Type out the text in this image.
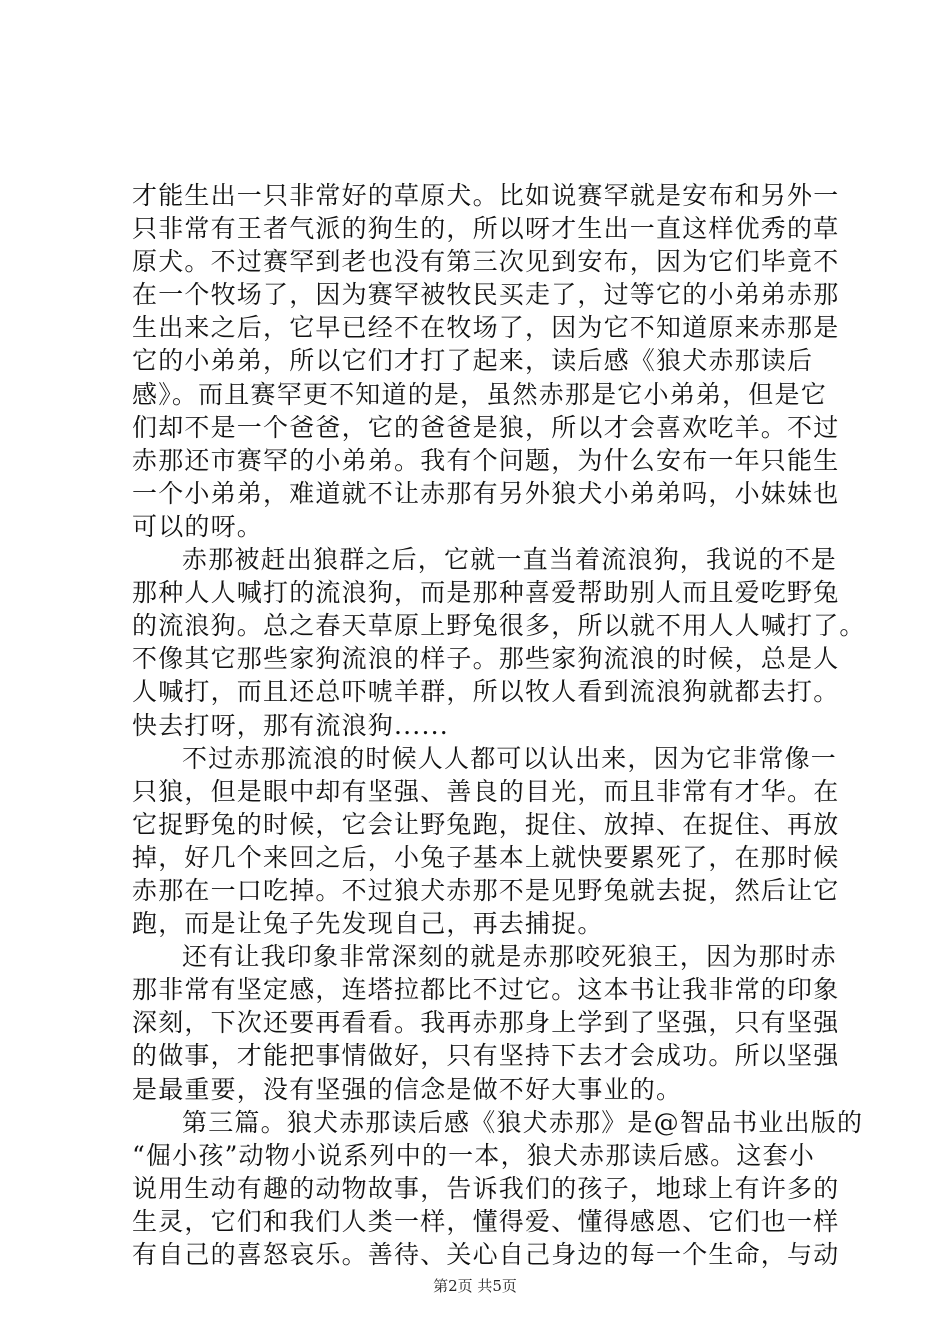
才能生出一只非常好的草原犬。比如说赛罕就是安布和另外一
只非常有王者气派的狗生的，所以呀才生出一直这样优秀的草
原犬。不过赛罕到老也没有第三次见到安布，因为它们毕竟不
在一个牧场了，因为赛罕被牧民买走了，过等它的小弟弟赤那
生出来之后，它早已经不在牧场了，因为它不知道原来赤那是
它的小弟弟，所以它们才打了起来，读后感《狼犬赤那读后
感》。而且赛罕更不知道的是，虽然赤那是它小弟弟，但是它
们却不是一个爸爸，它的爸爸是狼，所以才会喜欢吃羊。不过
赤那还市赛罕的小弟弟。我有个问题，为什么安布一年只能生
一个小弟弟，难道就不让赤那有另外狼犬小弟弟吗，小妹妹也
可以的呀。
赤那被赶出狼群之后，它就一直当着流浪狗，我说的不是
那种人人喊打的流浪狗，而是那种喜爱帮助别人而且爱吃野兔
的流浪狗。总之春天草原上野兔很多，所以就不用人人喊打了。
不像其它那些家狗流浪的样子。那些家狗流浪的时候，总是人
人喊打，而且还总吓唬羊群，所以牧人看到流浪狗就都去打。
快去打呀，那有流浪狗......
不过赤那流浪的时候人人都可以认出来，因为它非常像一
只狼，但是眼中却有坚强、善良的目光，而且非常有才华。在
它捉野兔的时候，它会让野兔跑，捉住、放掉、在捉住、再放
掉，好几个来回之后，小兔子基本上就快要累死了，在那时候
赤那在一口吃掉。不过狼犬赤那不是见野兔就去捉，然后让它
跑，而是让兔子先发现自己，再去捕捉。
还有让我印象非常深刻的就是赤那咬死狼王，因为那时赤
那非常有坚定感，连塔拉都比不过它。这本书让我非常的印象
深刻，下次还要再看看。我再赤那身上学到了坚强，只有坚强
的做事，才能把事情做好，只有坚持下去才会成功。所以坚强
是最重要，没有坚强的信念是做不好大事业的。
第三篇。狼犬赤那读后感《狼犬赤那》是@智品书业出版的
“倔小孩”动物小说系列中的一本，狼犬赤那读后感。这套小
说用生动有趣的动物故事，告诉我们的孩子，地球上有许多的
生灵，它们和我们人类一样，懂得爱、懂得感恩、它们也一样
有自己的喜怒哀乐。善待、关心自己身边的每一个生命，与动
第2页 共5页
